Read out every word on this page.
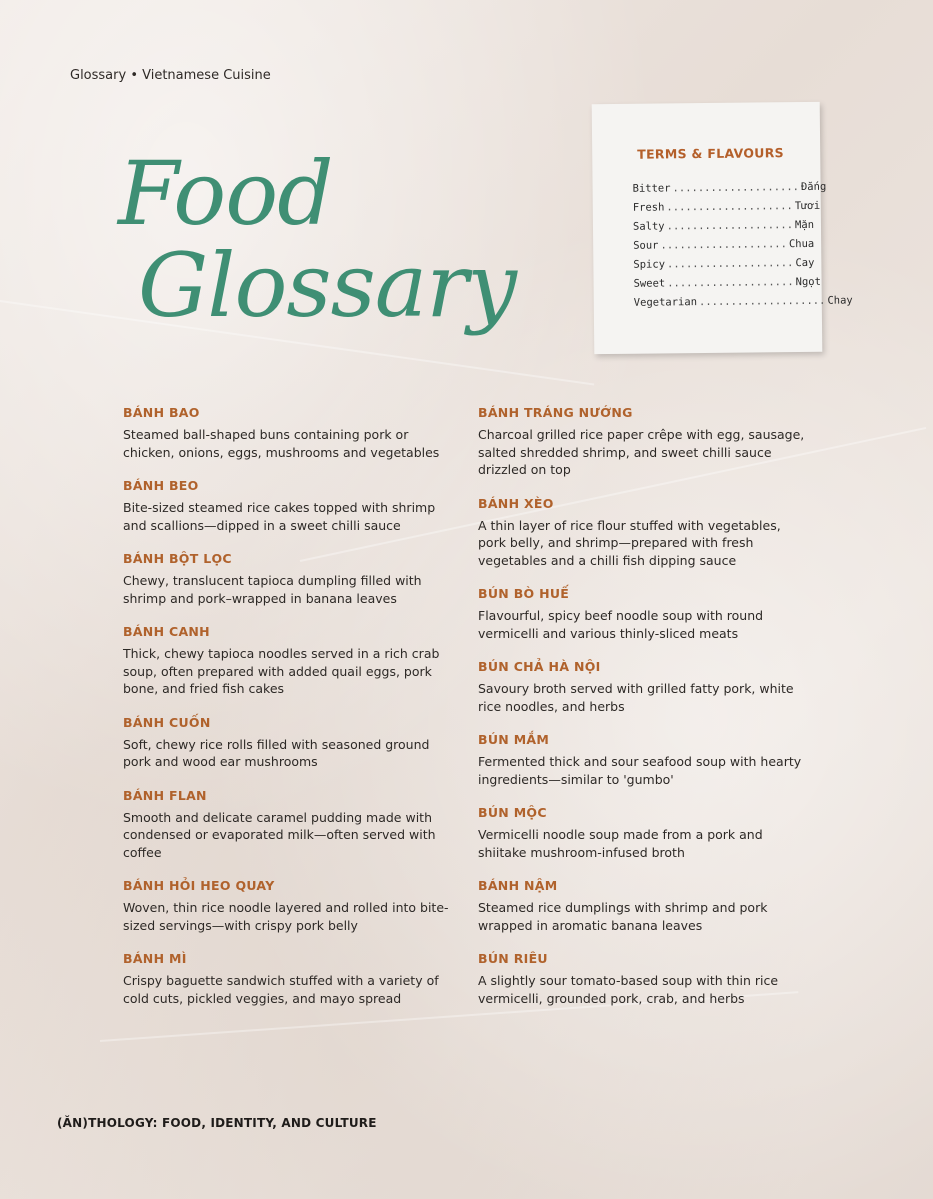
Glossary • Vietnamese Cuisine
Food
Glossary
TERMS & FLAVOURS
Bitter .................... Đắng
Fresh .................... Tươi
Salty .................... Mặn
Sour .................... Chua
Spicy .................... Cay
Sweet .................... Ngọt
Vegetarian .................... Chay
BÁNH BAO
Steamed ball-shaped buns containing pork or chicken, onions, eggs, mushrooms and vegetables
BÁNH BEO
Bite-sized steamed rice cakes topped with shrimp and scallions—dipped in a sweet chilli sauce
BÁNH BỘT LỌC
Chewy, translucent tapioca dumpling filled with shrimp and pork–wrapped in banana leaves
BÁNH CANH
Thick, chewy tapioca noodles served in a rich crab soup, often prepared with added quail eggs, pork bone, and fried fish cakes
BÁNH CUỐN
Soft, chewy rice rolls filled with seasoned ground pork and wood ear mushrooms
BÁNH FLAN
Smooth and delicate caramel pudding made with condensed or evaporated milk—often served with coffee
BÁNH HỎI HEO QUAY
Woven, thin rice noodle layered and rolled into bite-sized servings—with crispy pork belly
BÁNH MÌ
Crispy baguette sandwich stuffed with a variety of cold cuts, pickled veggies, and mayo spread
BÁNH TRÁNG NƯỚNG
Charcoal grilled rice paper crêpe with egg, sausage, salted shredded shrimp, and sweet chilli sauce drizzled on top
BÁNH XÈO
A thin layer of rice flour stuffed with vegetables, pork belly, and shrimp—prepared with fresh vegetables and a chilli fish dipping sauce
BÚN BÒ HUẾ
Flavourful, spicy beef noodle soup with round vermicelli and various thinly-sliced meats
BÚN CHẢ HÀ NỘI
Savoury broth served with grilled fatty pork, white rice noodles, and herbs
BÚN MẮM
Fermented thick and sour seafood soup with hearty ingredients—similar to 'gumbo'
BÚN MỘC
Vermicelli noodle soup made from a pork and shiitake mushroom-infused broth
BÁNH NẬM
Steamed rice dumplings with shrimp and pork wrapped in aromatic banana leaves
BÚN RIÊU
A slightly sour tomato-based soup with thin rice vermicelli, grounded pork, crab, and herbs
(ĂN)THOLOGY: FOOD, IDENTITY, AND CULTURE
